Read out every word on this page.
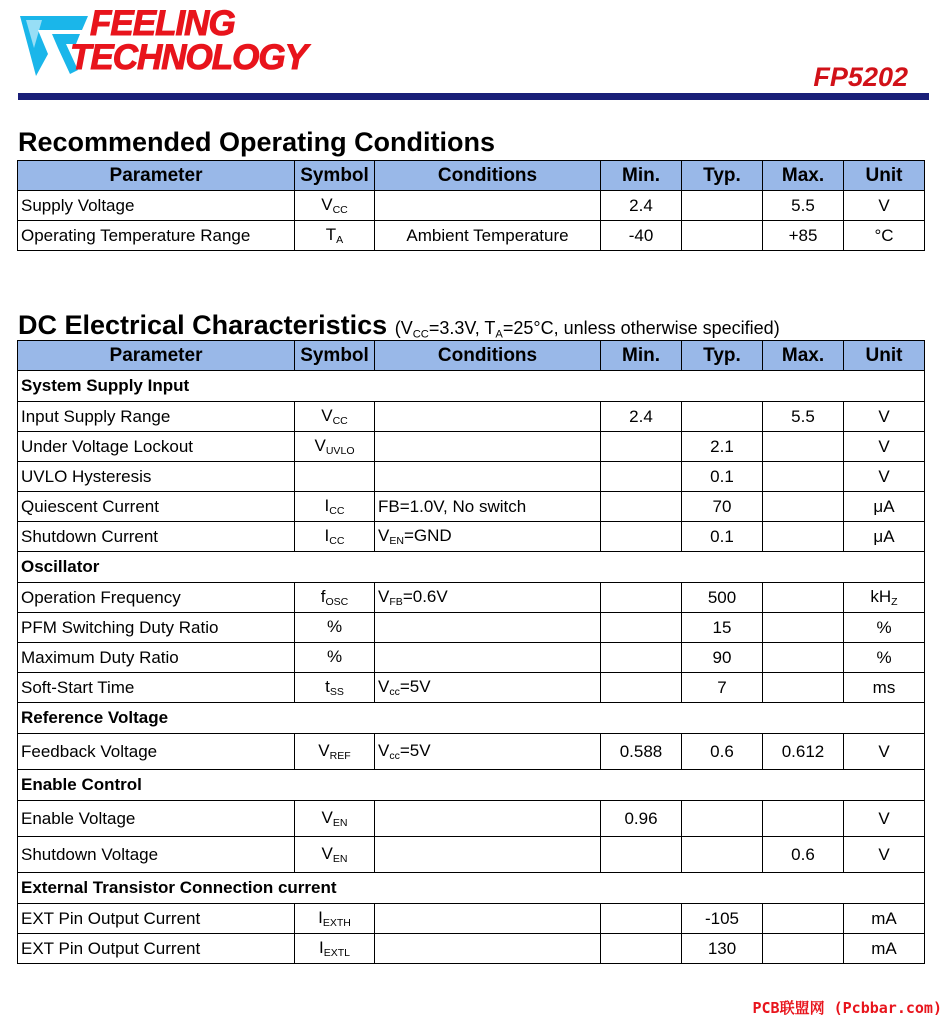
FEELING
TECHNOLOGY	FP5202
Recommended Operating Conditions
Parameter	Symbol	Conditions	Min.	Typ.	Max.	Unit
Supply Voltage	$V_{CC}$		2.4		5.5	V
Operating Temperature Range	$T_A$	Ambient Temperature	-40		+85	°C
DC Electrical Characteristics ($V_{CC}=3.3V$, $T_A=25^\circ C$, unless otherwise specified)
Parameter	Symbol	Conditions	Min.	Typ.	Max.	Unit
System Supply Input						
Input Supply Range	$V_{CC}$		2.4		5.5	V
Under Voltage Lockout	$V_{UVLO}$			2.1		V
UVLO Hysteresis				0.1		V
Quiescent Current	$I_{CC}$	FB=1.0V, No switch		70		μA
Shutdown Current	$I_{CC}$	$V_{EN}=GND$		0.1		μA
Oscillator						
Operation Frequency	$f_{OSC}$	$V_{FB}=0.6V$		500		$kH_Z$
PFM Switching Duty Ratio	%			15		%
Maximum Duty Ratio	%			90		%
Soft-Start Time	$t_{SS}$	$V_{cc}=5V$		7		ms
Reference Voltage						
Feedback Voltage	$V_{REF}$	$V_{cc}=5V$	0.588	0.6	0.612	V
Enable Control						
Enable Voltage	$V_{EN}$		0.96			V
Shutdown Voltage	$V_{EN}$				0.6	V
External Transistor Connection current						
EXT Pin Output Current	$I_{EXTH}$			-105		mA
EXT Pin Output Current	$I_{EXTL}$			130		mA
PCB联盟网 (Pcbbar.com)
